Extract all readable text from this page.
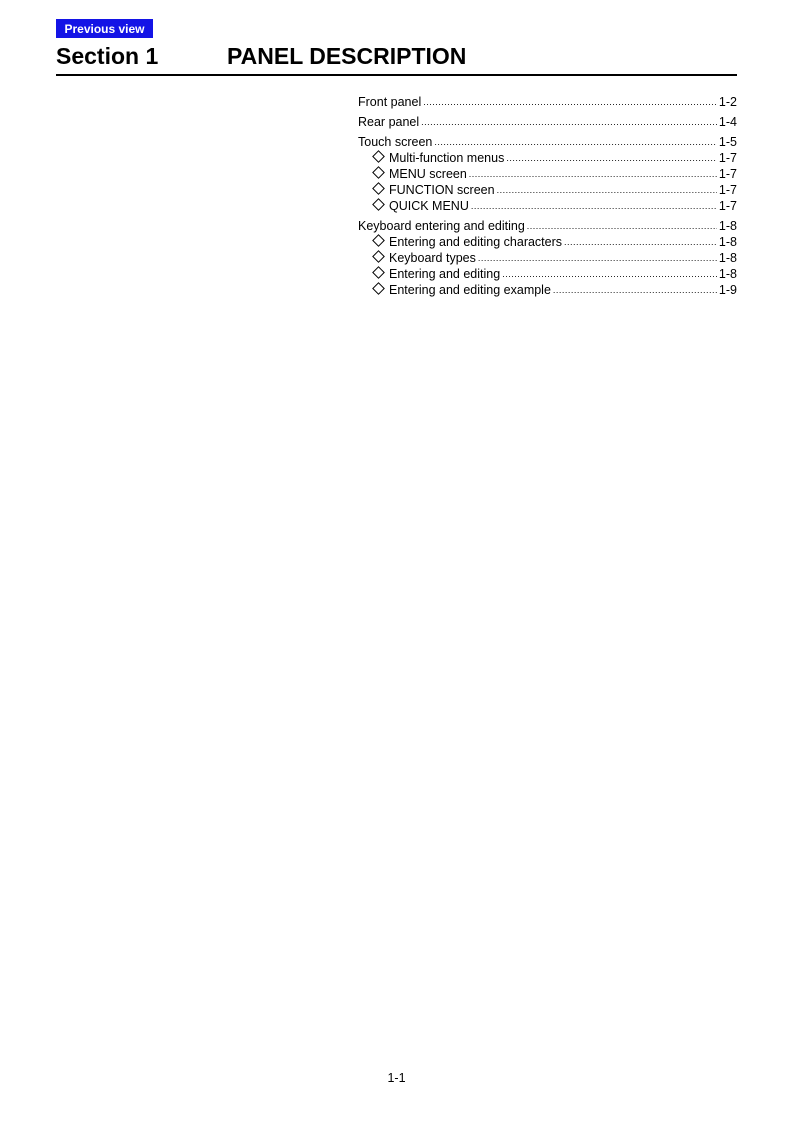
Previous view
Section 1	PANEL DESCRIPTION
Front panel .....	1-2
Rear panel .....	1-4
Touch screen .....	1-5
Multi-function menus .....	1-7
MENU screen .....	1-7
FUNCTION screen .....	1-7
QUICK MENU .....	1-7
Keyboard entering and editing .....	1-8
Entering and editing characters .....	1-8
Keyboard types .....	1-8
Entering and editing .....	1-8
Entering and editing example .....	1-9
1-1
